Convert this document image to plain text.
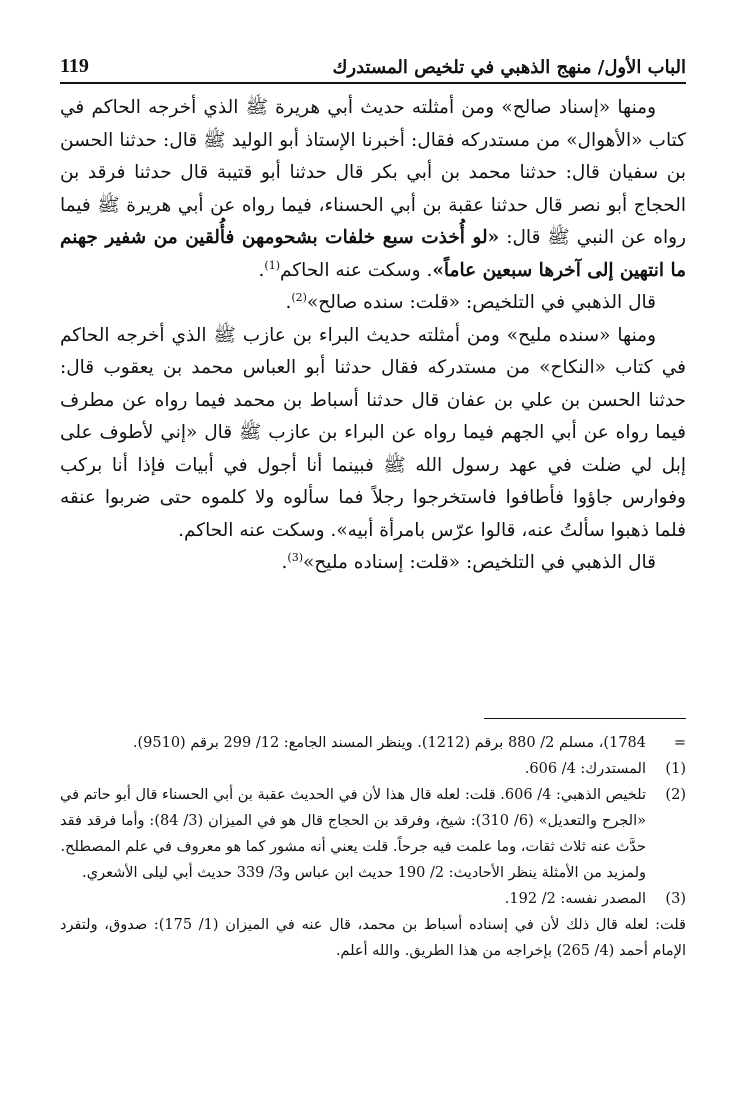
الباب الأول/ منهج الذهبي في تلخيص المستدرك
119

ومنها «إسناد صالح» ومن أمثلته حديث أبي هريرة ﷺ الذي أخرجه الحاكم في كتاب «الأهوال» من مستدركه فقال: أخبرنا الإستاذ أبو الوليد ﷺ قال: حدثنا الحسن بن سفيان قال: حدثنا محمد بن أبي بكر قال حدثنا أبو قتيبة قال حدثنا فرقد بن الحجاج أبو نصر قال حدثنا عقبة بن أبي الحسناء، فيما رواه عن أبي هريرة ﷺ فيما رواه عن النبي ﷺ قال: «لو أُخذت سبع خلفات بشحومهن فأُلقين من شفير جهنم ما انتهين إلى آخرها سبعين عاماً». وسكت عنه الحاكم$^{(1)}$.

قال الذهبي في التلخيص: «قلت: سنده صالح»$^{(2)}$.

ومنها «سنده مليح» ومن أمثلته حديث البراء بن عازب ﷺ الذي أخرجه الحاكم في كتاب «النكاح» من مستدركه فقال حدثنا أبو العباس محمد بن يعقوب قال: حدثنا الحسن بن علي بن عفان قال حدثنا أسباط بن محمد فيما رواه عن مطرف فيما رواه عن أبي الجهم فيما رواه عن البراء بن عازب ﷺ قال «إني لأطوف على إبل لي ضلت في عهد رسول الله ﷺ فبينما أنا أجول في أبيات فإذا أنا بركب وفوارس جاؤوا فأطافوا فاستخرجوا رجلاً فما سألوه ولا كلموه حتى ضربوا عنقه فلما ذهبوا سألتُ عنه، قالوا عرّس بامرأة أبيه». وسكت عنه الحاكم.

قال الذهبي في التلخيص: «قلت: إسناده مليح»$^{(3)}$.

=
1784)، مسلم 2/ 880 برقم (1212). وينظر المسند الجامع: 12/ 299 برقم (9510).
(1)
المستدرك: 4/ 606.
(2)
تلخيص الذهبي: 4/ 606. قلت: لعله قال هذا لأن في الحديث عقبة بن أبي الحسناء قال أبو حاتم في «الجرح والتعديل» (6/ 310): شيخ، وفرقد بن الحجاج قال هو في الميزان (3/ 84): وأما فرقد فقد حدَّث عنه ثلاث ثقات، وما علمت فيه جرحاً. قلت يعني أنه مشور كما هو معروف في علم المصطلح.

ولمزيد من الأمثلة ينظر الأحاديث: 2/ 190 حديث ابن عباس و3/ 339 حديث أبي ليلى الأشعري.

(3)
المصدر نفسه: 2/ 192.
قلت: لعله قال ذلك لأن في إسناده أسباط بن محمد، قال عنه في الميزان (1/ 175): صدوق، ولتفرد الإمام أحمد (4/ 265) بإخراجه من هذا الطريق. والله أعلم.
